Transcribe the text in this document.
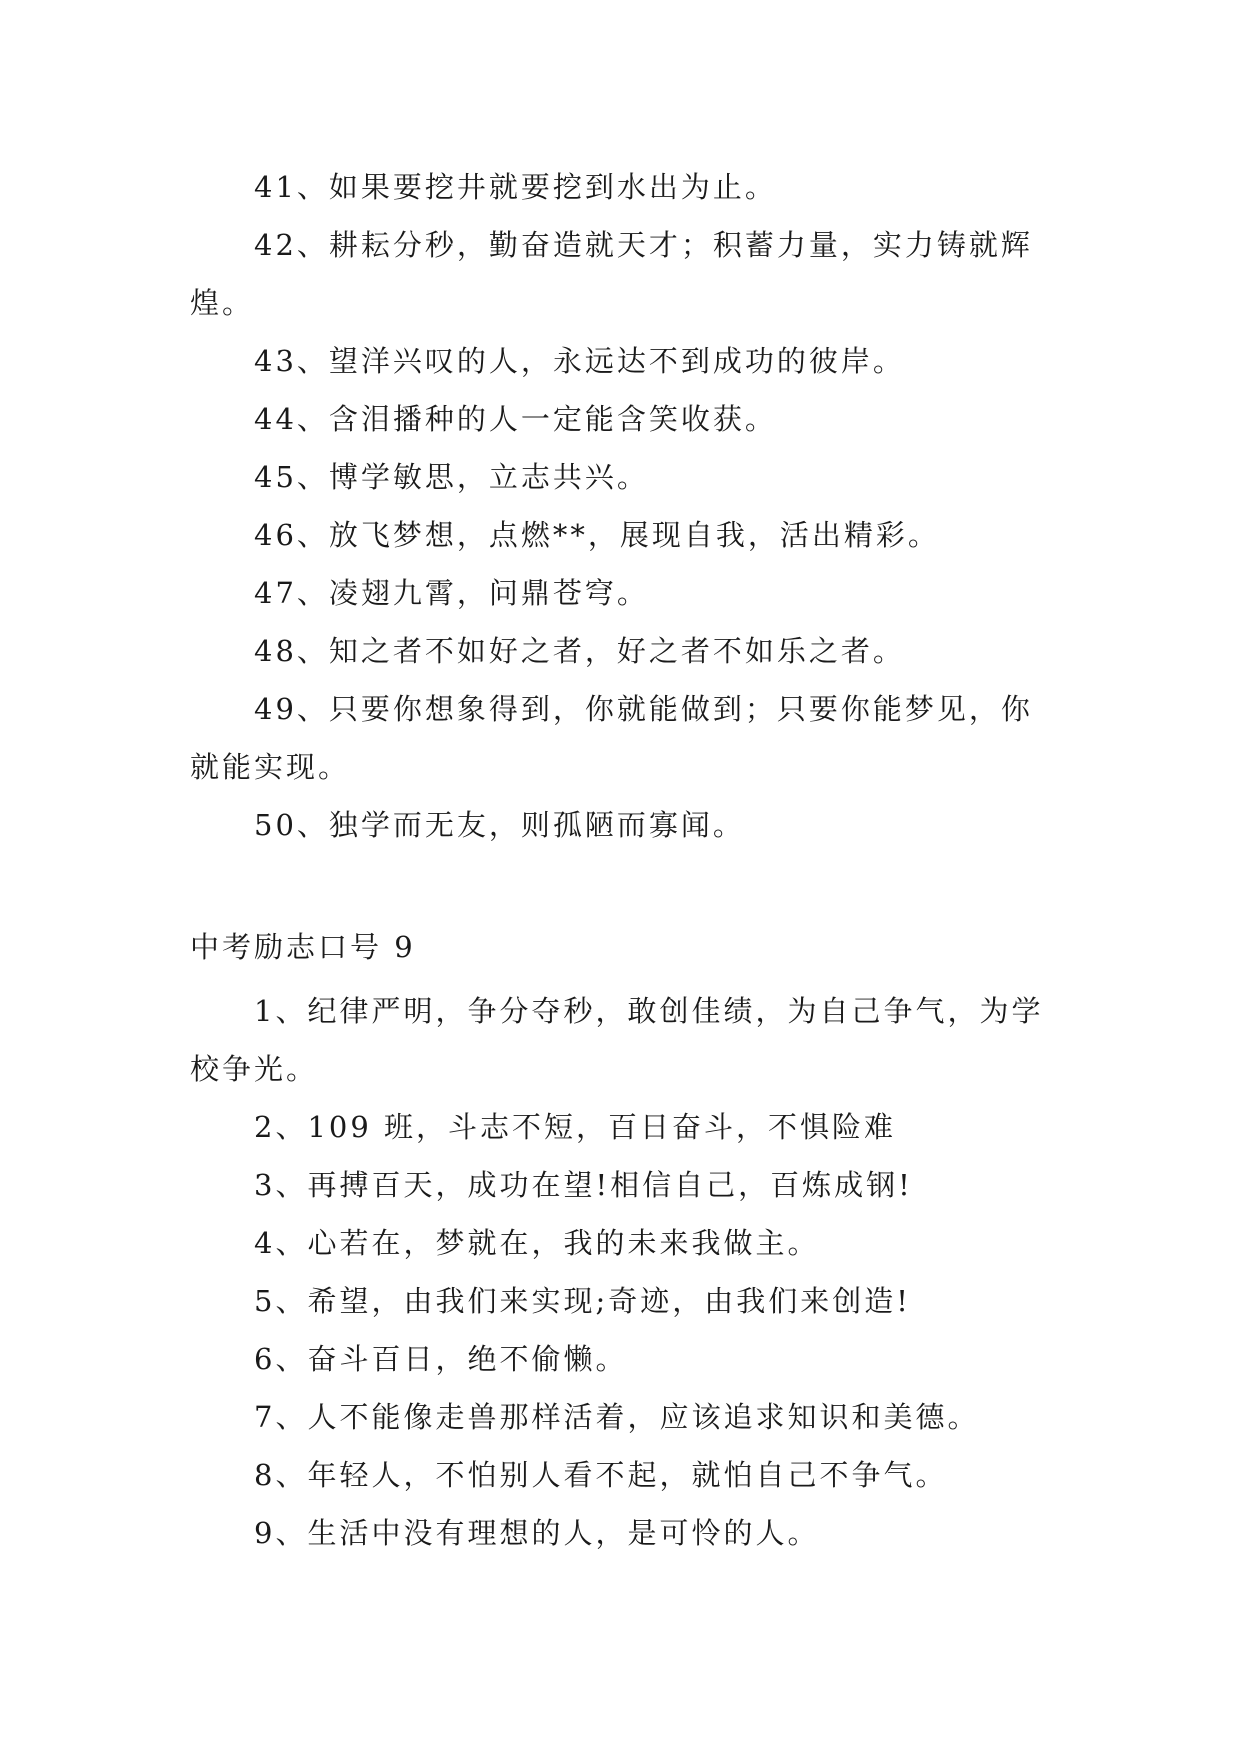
41、如果要挖井就要挖到水出为止。

42、耕耘分秒，勤奋造就天才；积蓄力量，实力铸就辉煌。

43、望洋兴叹的人，永远达不到成功的彼岸。

44、含泪播种的人一定能含笑收获。

45、博学敏思，立志共兴。

46、放飞梦想，点燃**，展现自我，活出精彩。

47、凌翅九霄，问鼎苍穹。

48、知之者不如好之者，好之者不如乐之者。

49、只要你想象得到，你就能做到；只要你能梦见，你就能实现。

50、独学而无友，则孤陋而寡闻。

中考励志口号 9

1、纪律严明，争分夺秒，敢创佳绩，为自己争气，为学校争光。

2、109 班，斗志不短，百日奋斗，不惧险难

3、再搏百天，成功在望!相信自己，百炼成钢!

4、心若在，梦就在，我的未来我做主。

5、希望，由我们来实现;奇迹，由我们来创造!

6、奋斗百日，绝不偷懒。

7、人不能像走兽那样活着，应该追求知识和美德。

8、年轻人，不怕别人看不起，就怕自己不争气。

9、生活中没有理想的人，是可怜的人。
